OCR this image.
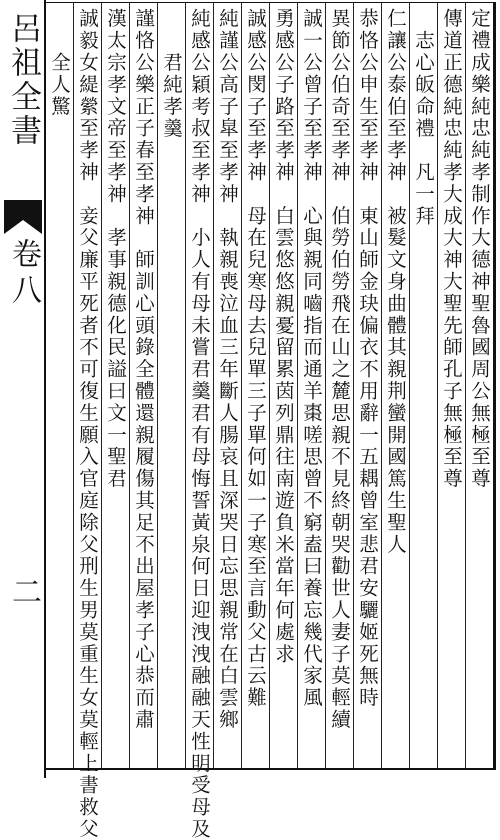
呂祖全書
卷八
二
定禮成樂純忠純孝制作大德神聖魯國周公無極至尊
傳道正德純忠純孝大成大神大聖先師孔子無極至尊
志心皈命禮　凡一拜
仁讓公泰伯至孝神　被髮文身曲體其親荆蠻開國篤生聖人
恭恪公申生至孝神　東山師金玦偏衣不用辭一五耦曾室悲君安驪姬死無時
異節公伯奇至孝神　伯勞伯勞飛在山之麓思親不見終朝哭勸世人妻子莫輕續
誠一公曾子至孝神　心與親同嚙指而通羊棗嗟思曾不窮盍曰養忘幾代家風
勇感公子路至孝神　白雲悠悠親憂留累茵列鼎往南遊負米當年何處求
誠感公閔子至孝神　母在兒寒母去兒單三子單何如一子寒至言動父古云難
純謹公高子皐至孝神　執親喪泣血三年斷人腸哀且深哭日忘思親常在白雲鄉
純感公穎考叔至孝神　小人有母未嘗君羹君有母悔誓黃泉何日迎洩洩融融天性明受母及
君純孝羹
謹恪公樂正子春至孝神　師訓心頭錄全體還親履傷其足不出屋孝子心恭而肅
漢太宗孝文帝至孝神　孝事親德化民謚曰文一聖君
誠毅女緹縈至孝神　妾父廉平死者不可復生願入官庭除父刑生男莫重生女莫輕上書救父
全人驚
